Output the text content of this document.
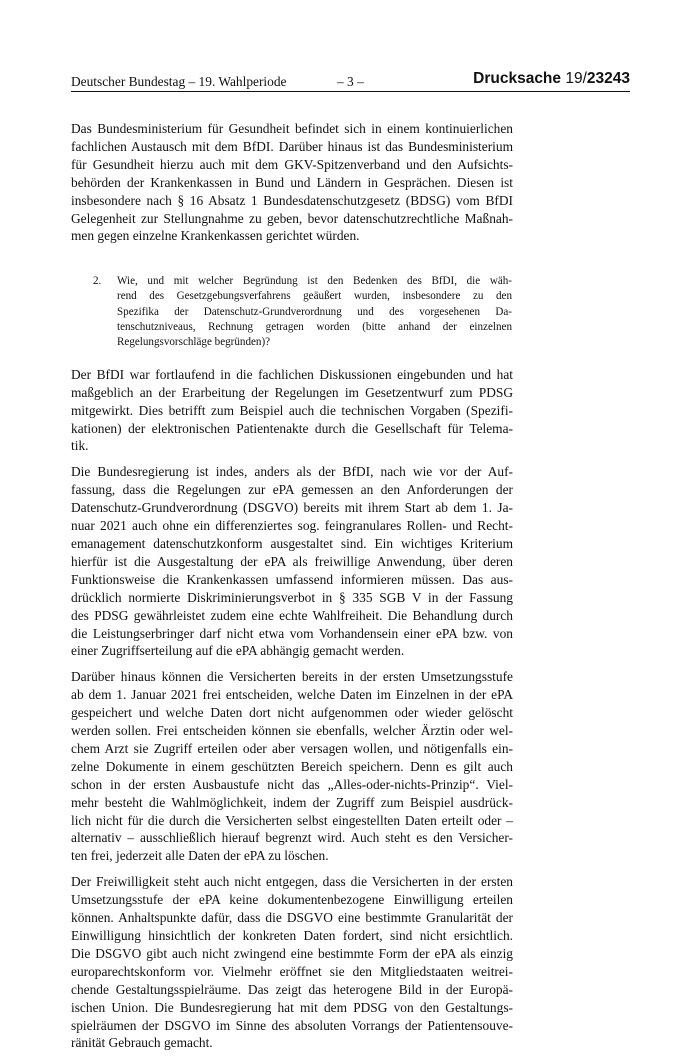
Deutscher Bundestag – 19. Wahlperiode	– 3 –	Drucksache 19/23243
Das Bundesministerium für Gesundheit befindet sich in einem kontinuierlichen
fachlichen Austausch mit dem BfDI. Darüber hinaus ist das Bundesministerium
für Gesundheit hierzu auch mit dem GKV-Spitzenverband und den Aufsichts-
behörden der Krankenkassen in Bund und Ländern in Gesprächen. Diesen ist
insbesondere nach § 16 Absatz 1 Bundesdatenschutzgesetz (BDSG) vom BfDI
Gelegenheit zur Stellungnahme zu geben, bevor datenschutzrechtliche Maßnah-
men gegen einzelne Krankenkassen gerichtet würden.
2. Wie, und mit welcher Begründung ist den Bedenken des BfDI, die wäh-
rend des Gesetzgebungsverfahrens geäußert wurden, insbesondere zu den
Spezifika der Datenschutz-Grundverordnung und des vorgesehenen Da-
tenschutzniveaus, Rechnung getragen worden (bitte anhand der einzelnen
Regelungsvorschläge begründen)?
Der BfDI war fortlaufend in die fachlichen Diskussionen eingebunden und hat
maßgeblich an der Erarbeitung der Regelungen im Gesetzentwurf zum PDSG
mitgewirkt. Dies betrifft zum Beispiel auch die technischen Vorgaben (Spezifi-
kationen) der elektronischen Patientenakte durch die Gesellschaft für Telema-
tik.
Die Bundesregierung ist indes, anders als der BfDI, nach wie vor der Auf-
fassung, dass die Regelungen zur ePA gemessen an den Anforderungen der
Datenschutz-Grundverordnung (DSGVO) bereits mit ihrem Start ab dem 1. Ja-
nuar 2021 auch ohne ein differenziertes sog. feingranulares Rollen- und Recht-
emanagement datenschutzkonform ausgestaltet sind. Ein wichtiges Kriterium
hierfür ist die Ausgestaltung der ePA als freiwillige Anwendung, über deren
Funktionsweise die Krankenkassen umfassend informieren müssen. Das aus-
drücklich normierte Diskriminierungsverbot in § 335 SGB V in der Fassung
des PDSG gewährleistet zudem eine echte Wahlfreiheit. Die Behandlung durch
die Leistungserbringer darf nicht etwa vom Vorhandensein einer ePA bzw. von
einer Zugriffserteilung auf die ePA abhängig gemacht werden.
Darüber hinaus können die Versicherten bereits in der ersten Umsetzungsstufe
ab dem 1. Januar 2021 frei entscheiden, welche Daten im Einzelnen in der ePA
gespeichert und welche Daten dort nicht aufgenommen oder wieder gelöscht
werden sollen. Frei entscheiden können sie ebenfalls, welcher Ärztin oder wel-
chem Arzt sie Zugriff erteilen oder aber versagen wollen, und nötigenfalls ein-
zelne Dokumente in einem geschützten Bereich speichern. Denn es gilt auch
schon in der ersten Ausbaustufe nicht das „Alles-oder-nichts-Prinzip“. Viel-
mehr besteht die Wahlmöglichkeit, indem der Zugriff zum Beispiel ausdrück-
lich nicht für die durch die Versicherten selbst eingestellten Daten erteilt oder –
alternativ – ausschließlich hierauf begrenzt wird. Auch steht es den Versicher-
ten frei, jederzeit alle Daten der ePA zu löschen.
Der Freiwilligkeit steht auch nicht entgegen, dass die Versicherten in der ersten
Umsetzungsstufe der ePA keine dokumentenbezogene Einwilligung erteilen
können. Anhaltspunkte dafür, dass die DSGVO eine bestimmte Granularität der
Einwilligung hinsichtlich der konkreten Daten fordert, sind nicht ersichtlich.
Die DSGVO gibt auch nicht zwingend eine bestimmte Form der ePA als einzig
europarechtskonform vor. Vielmehr eröffnet sie den Mitgliedstaaten weitrei-
chende Gestaltungsspielräume. Das zeigt das heterogene Bild in der Europä-
ischen Union. Die Bundesregierung hat mit dem PDSG von den Gestaltungs-
spielräumen der DSGVO im Sinne des absoluten Vorrangs der Patientensouve-
ränität Gebrauch gemacht.
